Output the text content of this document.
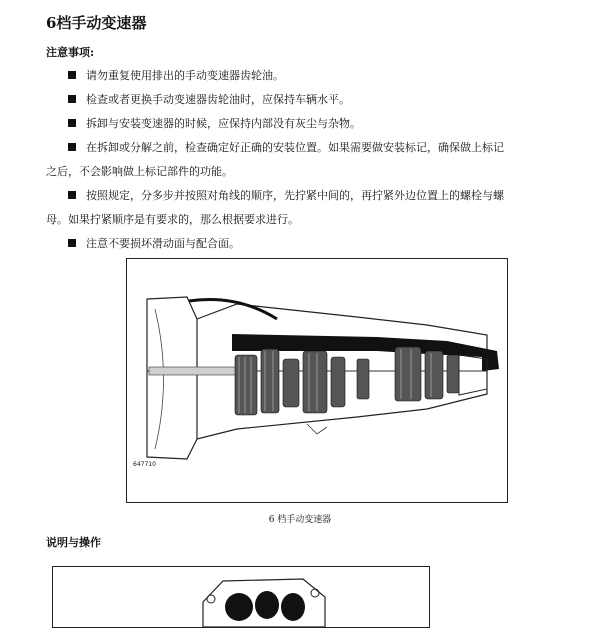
6档手动变速器
注意事项:
请勿重复使用排出的手动变速器齿轮油。
检查或者更换手动变速器齿轮油时，应保持车辆水平。
拆卸与安装变速器的时候，应保持内部没有灰尘与杂物。
在拆卸或分解之前，检查确定好正确的安装位置。如果需要做安装标记，确保做上标记之后，不会影响做上标记部件的功能。
按照规定，分多步并按照对角线的顺序，先拧紧中间的，再拧紧外边位置上的螺栓与螺母。如果拧紧顺序是有要求的，那么根据要求进行。
注意不要损坏滑动面与配合面。
647710
6 档手动变速器
说明与操作
